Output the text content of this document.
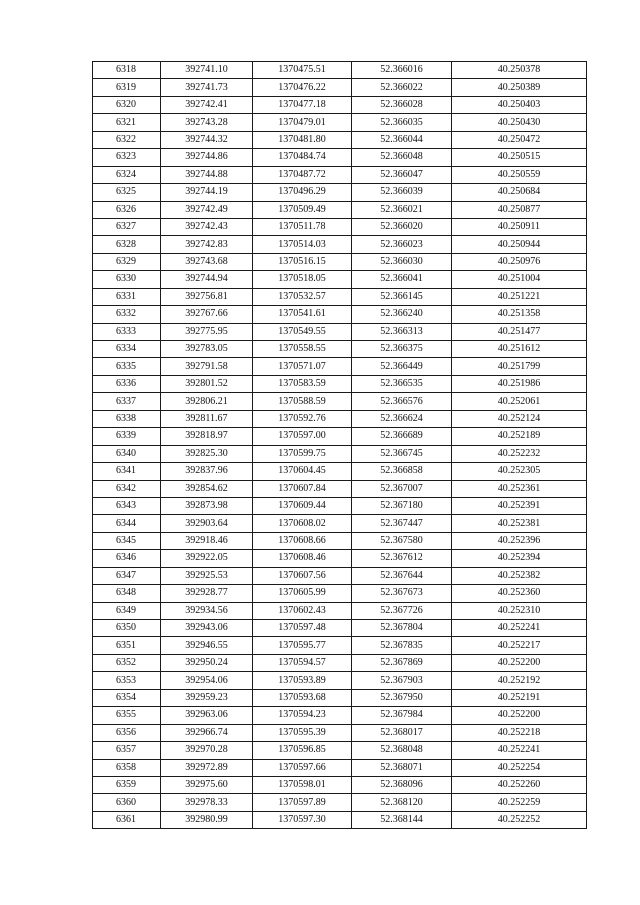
6318	392741.10	1370475.51	52.366016	40.250378
6319	392741.73	1370476.22	52.366022	40.250389
6320	392742.41	1370477.18	52.366028	40.250403
6321	392743.28	1370479.01	52.366035	40.250430
6322	392744.32	1370481.80	52.366044	40.250472
6323	392744.86	1370484.74	52.366048	40.250515
6324	392744.88	1370487.72	52.366047	40.250559
6325	392744.19	1370496.29	52.366039	40.250684
6326	392742.49	1370509.49	52.366021	40.250877
6327	392742.43	1370511.78	52.366020	40.250911
6328	392742.83	1370514.03	52.366023	40.250944
6329	392743.68	1370516.15	52.366030	40.250976
6330	392744.94	1370518.05	52.366041	40.251004
6331	392756.81	1370532.57	52.366145	40.251221
6332	392767.66	1370541.61	52.366240	40.251358
6333	392775.95	1370549.55	52.366313	40.251477
6334	392783.05	1370558.55	52.366375	40.251612
6335	392791.58	1370571.07	52.366449	40.251799
6336	392801.52	1370583.59	52.366535	40.251986
6337	392806.21	1370588.59	52.366576	40.252061
6338	392811.67	1370592.76	52.366624	40.252124
6339	392818.97	1370597.00	52.366689	40.252189
6340	392825.30	1370599.75	52.366745	40.252232
6341	392837.96	1370604.45	52.366858	40.252305
6342	392854.62	1370607.84	52.367007	40.252361
6343	392873.98	1370609.44	52.367180	40.252391
6344	392903.64	1370608.02	52.367447	40.252381
6345	392918.46	1370608.66	52.367580	40.252396
6346	392922.05	1370608.46	52.367612	40.252394
6347	392925.53	1370607.56	52.367644	40.252382
6348	392928.77	1370605.99	52.367673	40.252360
6349	392934.56	1370602.43	52.367726	40.252310
6350	392943.06	1370597.48	52.367804	40.252241
6351	392946.55	1370595.77	52.367835	40.252217
6352	392950.24	1370594.57	52.367869	40.252200
6353	392954.06	1370593.89	52.367903	40.252192
6354	392959.23	1370593.68	52.367950	40.252191
6355	392963.06	1370594.23	52.367984	40.252200
6356	392966.74	1370595.39	52.368017	40.252218
6357	392970.28	1370596.85	52.368048	40.252241
6358	392972.89	1370597.66	52.368071	40.252254
6359	392975.60	1370598.01	52.368096	40.252260
6360	392978.33	1370597.89	52.368120	40.252259
6361	392980.99	1370597.30	52.368144	40.252252
